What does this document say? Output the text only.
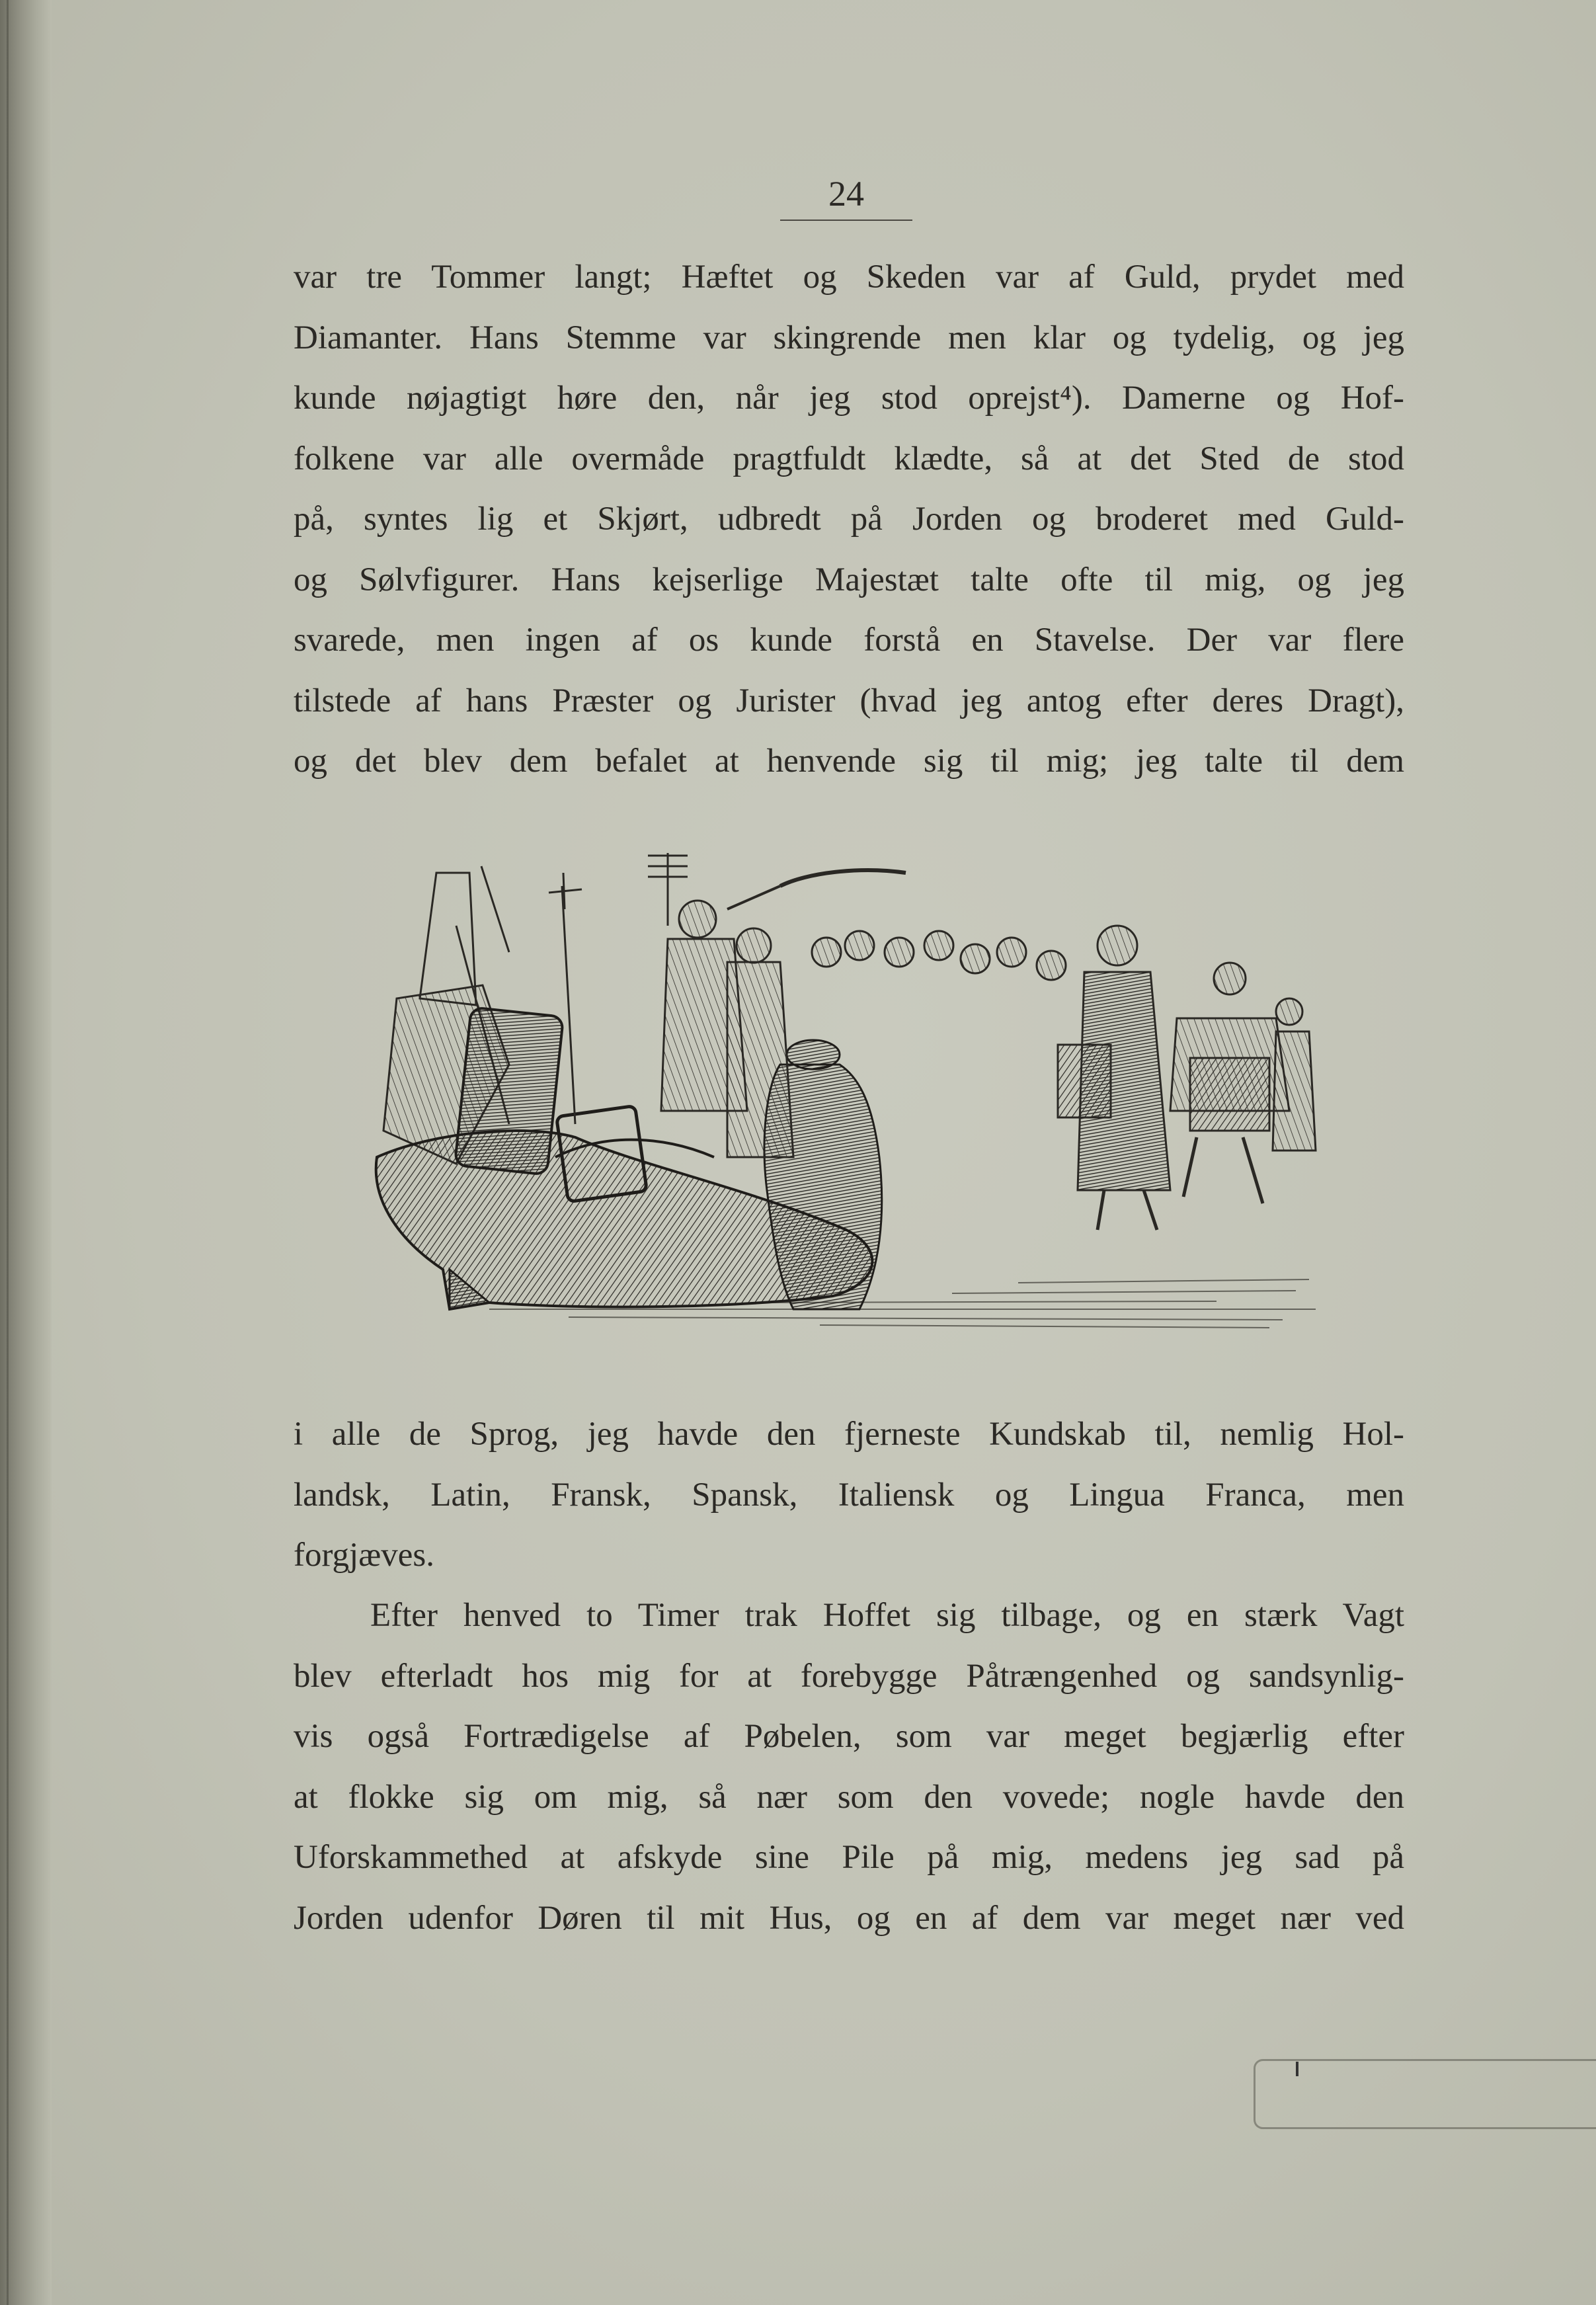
24
var tre Tommer langt; Hæftet og Skeden var af Guld, prydet med
Diamanter. Hans Stemme var skingrende men klar og tydelig, og jeg
kunde nøjagtigt høre den, når jeg stod oprejst⁴). Damerne og Hof-
folkene var alle overmåde pragtfuldt klædte, så at det Sted de stod
på, syntes lig et Skjørt, udbredt på Jorden og broderet med Guld-
og Sølvfigurer. Hans kejserlige Majestæt talte ofte til mig, og jeg
svarede, men ingen af os kunde forstå en Stavelse. Der var flere
tilstede af hans Præster og Jurister (hvad jeg antog efter deres Dragt),
og det blev dem befalet at henvende sig til mig; jeg talte til dem
i alle de Sprog, jeg havde den fjerneste Kundskab til, nemlig Hol-
landsk, Latin, Fransk, Spansk, Italiensk og Lingua Franca, men
forgjæves.
Efter henved to Timer trak Hoffet sig tilbage, og en stærk Vagt
blev efterladt hos mig for at forebygge Påtrængenhed og sandsynlig-
vis også Fortrædigelse af Pøbelen, som var meget begjærlig efter
at flokke sig om mig, så nær som den vovede; nogle havde den
Uforskammethed at afskyde sine Pile på mig, medens jeg sad på
Jorden udenfor Døren til mit Hus, og en af dem var meget nær ved
